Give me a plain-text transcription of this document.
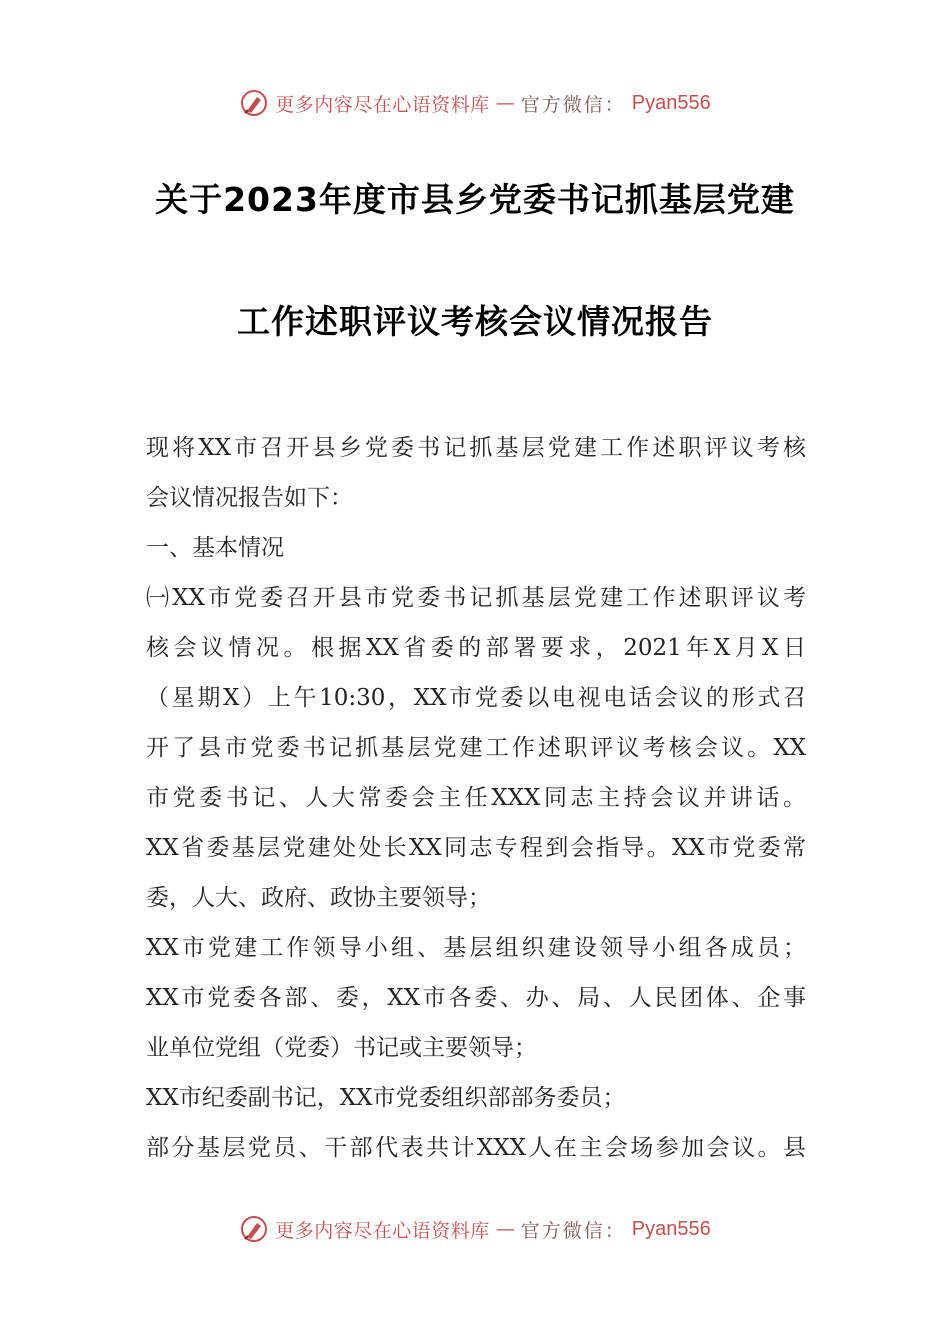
更多内容尽在心语资料库 — 官方微信： Pyan556
关于2023年度市县乡党委书记抓基层党建
工作述职评议考核会议情况报告
现将XX市召开县乡党委书记抓基层党建工作述职评议考核
会议情况报告如下：
一、基本情况
㈠XX市党委召开县市党委书记抓基层党建工作述职评议考
核会议情况。根据XX省委的部署要求，2021年X月X日
（星期X）上午10:30，XX市党委以电视电话会议的形式召
开了县市党委书记抓基层党建工作述职评议考核会议。XX
市党委书记、人大常委会主任XXX同志主持会议并讲话。
XX省委基层党建处处长XX同志专程到会指导。XX市党委常
委，人大、政府、政协主要领导；
XX市党建工作领导小组、基层组织建设领导小组各成员；
XX市党委各部、委，XX市各委、办、局、人民团体、企事
业单位党组（党委）书记或主要领导；
XX市纪委副书记，XX市党委组织部部务委员；
部分基层党员、干部代表共计XXX人在主会场参加会议。县
更多内容尽在心语资料库 — 官方微信： Pyan556
